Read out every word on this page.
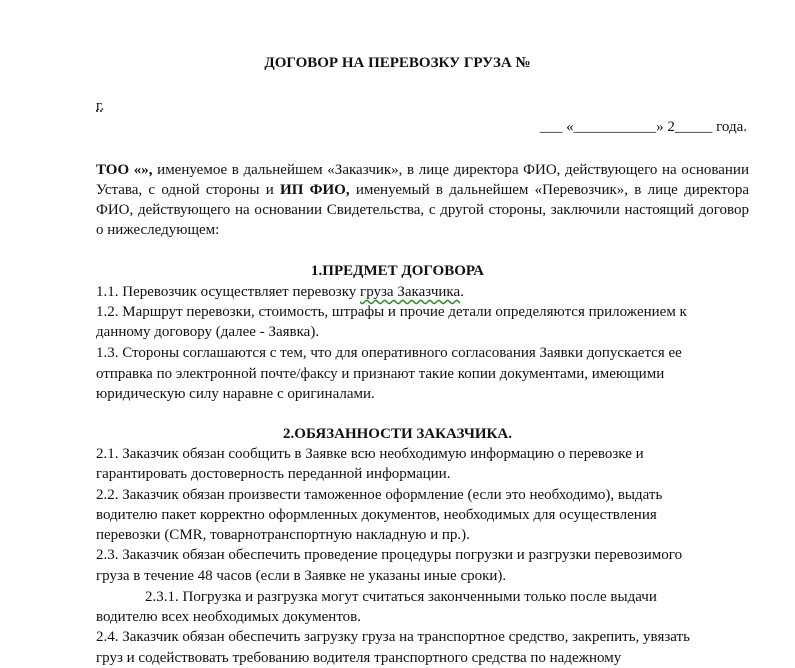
ДОГОВОР НА ПЕРЕВОЗКУ ГРУЗА №
г.
___ «___________» 2_____ года.
ТОО «», именуемое в дальнейшем «Заказчик», в лице директора ФИО, действующего на основании Устава, с одной стороны и ИП ФИО, именуемый в дальнейшем «Перевозчик», в лице директора ФИО, действующего на основании Свидетельства, с другой стороны, заключили настоящий договор о нижеследующем:
1.ПРЕДМЕТ ДОГОВОРА
1.1. Перевозчик осуществляет перевозку груза Заказчика.
1.2. Маршрут перевозки, стоимость, штрафы и прочие детали определяются приложением к
данному договору (далее - Заявка).
1.3. Стороны соглашаются с тем, что для оперативного согласования Заявки допускается ее
отправка по электронной почте/факсу и признают такие копии документами, имеющими
юридическую силу наравне с оригиналами.
2.ОБЯЗАННОСТИ ЗАКАЗЧИКА.
2.1. Заказчик обязан сообщить в Заявке всю необходимую информацию о перевозке и
гарантировать достоверность переданной информации.
2.2. Заказчик обязан произвести таможенное оформление (если это необходимо), выдать
водителю пакет корректно оформленных документов, необходимых для осуществления
перевозки (CMR, товарнотранспортную накладную и пр.).
2.3. Заказчик обязан обеспечить проведение процедуры погрузки и разгрузки перевозимого
груза в течение 48 часов (если в Заявке не указаны иные сроки).
2.3.1. Погрузка и разгрузка могут считаться законченными только после выдачи
водителю всех необходимых документов.
2.4. Заказчик обязан обеспечить загрузку груза на транспортное средство, закрепить, увязать
груз и содействовать требованию водителя транспортного средства по надежному
